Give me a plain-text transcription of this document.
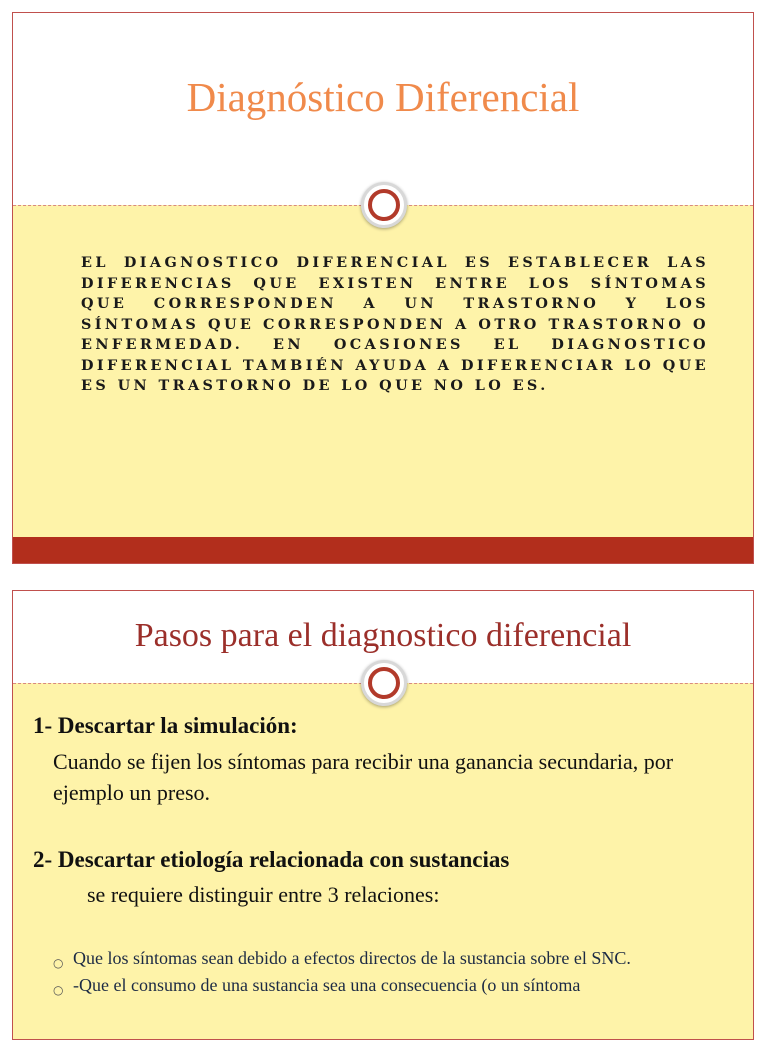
Diagnóstico Diferencial
EL DIAGNOSTICO DIFERENCIAL ES ESTABLECER LAS DIFERENCIAS QUE EXISTEN ENTRE LOS SÍNTOMAS QUE CORRESPONDEN A UN TRASTORNO Y LOS SÍNTOMAS QUE CORRESPONDEN A OTRO TRASTORNO O ENFERMEDAD. EN OCASIONES EL DIAGNOSTICO DIFERENCIAL TAMBIÉN AYUDA A DIFERENCIAR LO QUE ES UN TRASTORNO DE LO QUE NO LO ES.
Pasos para el diagnostico diferencial
1- Descartar la simulación:
Cuando se fijen los síntomas para recibir una ganancia secundaria, por ejemplo un preso.
2- Descartar etiología relacionada con sustancias
se requiere distinguir entre 3 relaciones:
○ Que los síntomas sean debido a efectos directos de la sustancia sobre el SNC.
○ -Que el consumo de una sustancia sea una consecuencia (o un síntoma
